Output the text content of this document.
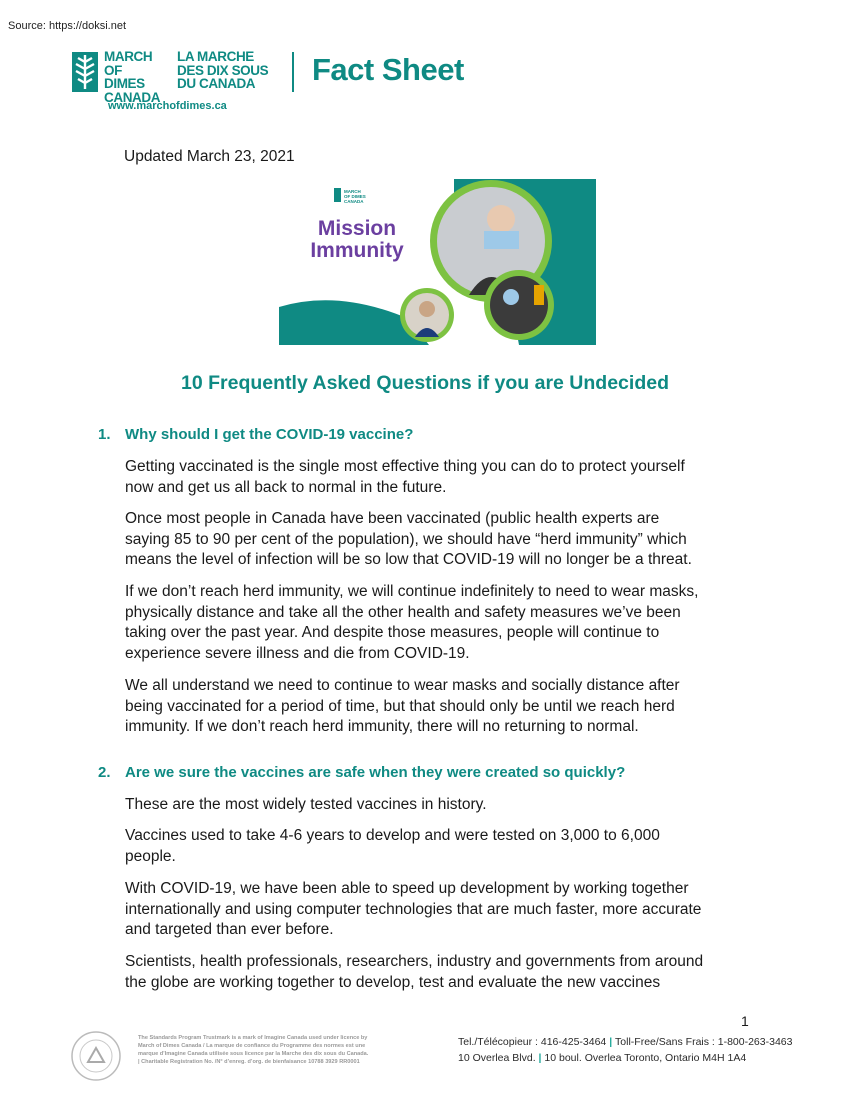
Source: https://doksi.net
MARCH
OF DIMES
CANADA
LA MARCHE
DES DIX SOUS
DU CANADA
www.marchofdimes.ca
Fact Sheet
Updated March 23, 2021
MARCH
OF DIMES
CANADA
Mission
Immunity
10 Frequently Asked Questions if you are Undecided
1. Why should I get the COVID-19 vaccine?
Getting vaccinated is the single most effective thing you can do to protect yourself
now and get us all back to normal in the future.
Once most people in Canada have been vaccinated (public health experts are
saying 85 to 90 per cent of the population), we should have “herd immunity” which
means the level of infection will be so low that COVID-19 will no longer be a threat.
If we don’t reach herd immunity, we will continue indefinitely to need to wear masks,
physically distance and take all the other health and safety measures we’ve been
taking over the past year. And despite those measures, people will continue to
experience severe illness and die from COVID-19.
We all understand we need to continue to wear masks and socially distance after
being vaccinated for a period of time, but that should only be until we reach herd
immunity. If we don’t reach herd immunity, there will no returning to normal.
2. Are we sure the vaccines are safe when they were created so quickly?
These are the most widely tested vaccines in history.
Vaccines used to take 4-6 years to develop and were tested on 3,000 to 6,000
people.
With COVID-19, we have been able to speed up development by working together
internationally and using computer technologies that are much faster, more accurate
and targeted than ever before.
Scientists, health professionals, researchers, industry and governments from around
the globe are working together to develop, test and evaluate the new vaccines
1
The Standards Program Trustmark is a mark of Imagine Canada used under licence by
March of Dimes Canada / La marque de confiance du Programme des normes est une
marque d’Imagine Canada utilisée sous licence par la Marche des dix sous du Canada.
| Charitable Registration No. /N° d’enreg. d’org. de bienfaisance 10788 3929 RR0001
Tel./Télécopieur : 416-425-3464 | Toll-Free/Sans Frais : 1-800-263-3463
10 Overlea Blvd. | 10 boul. Overlea Toronto, Ontario M4H 1A4
